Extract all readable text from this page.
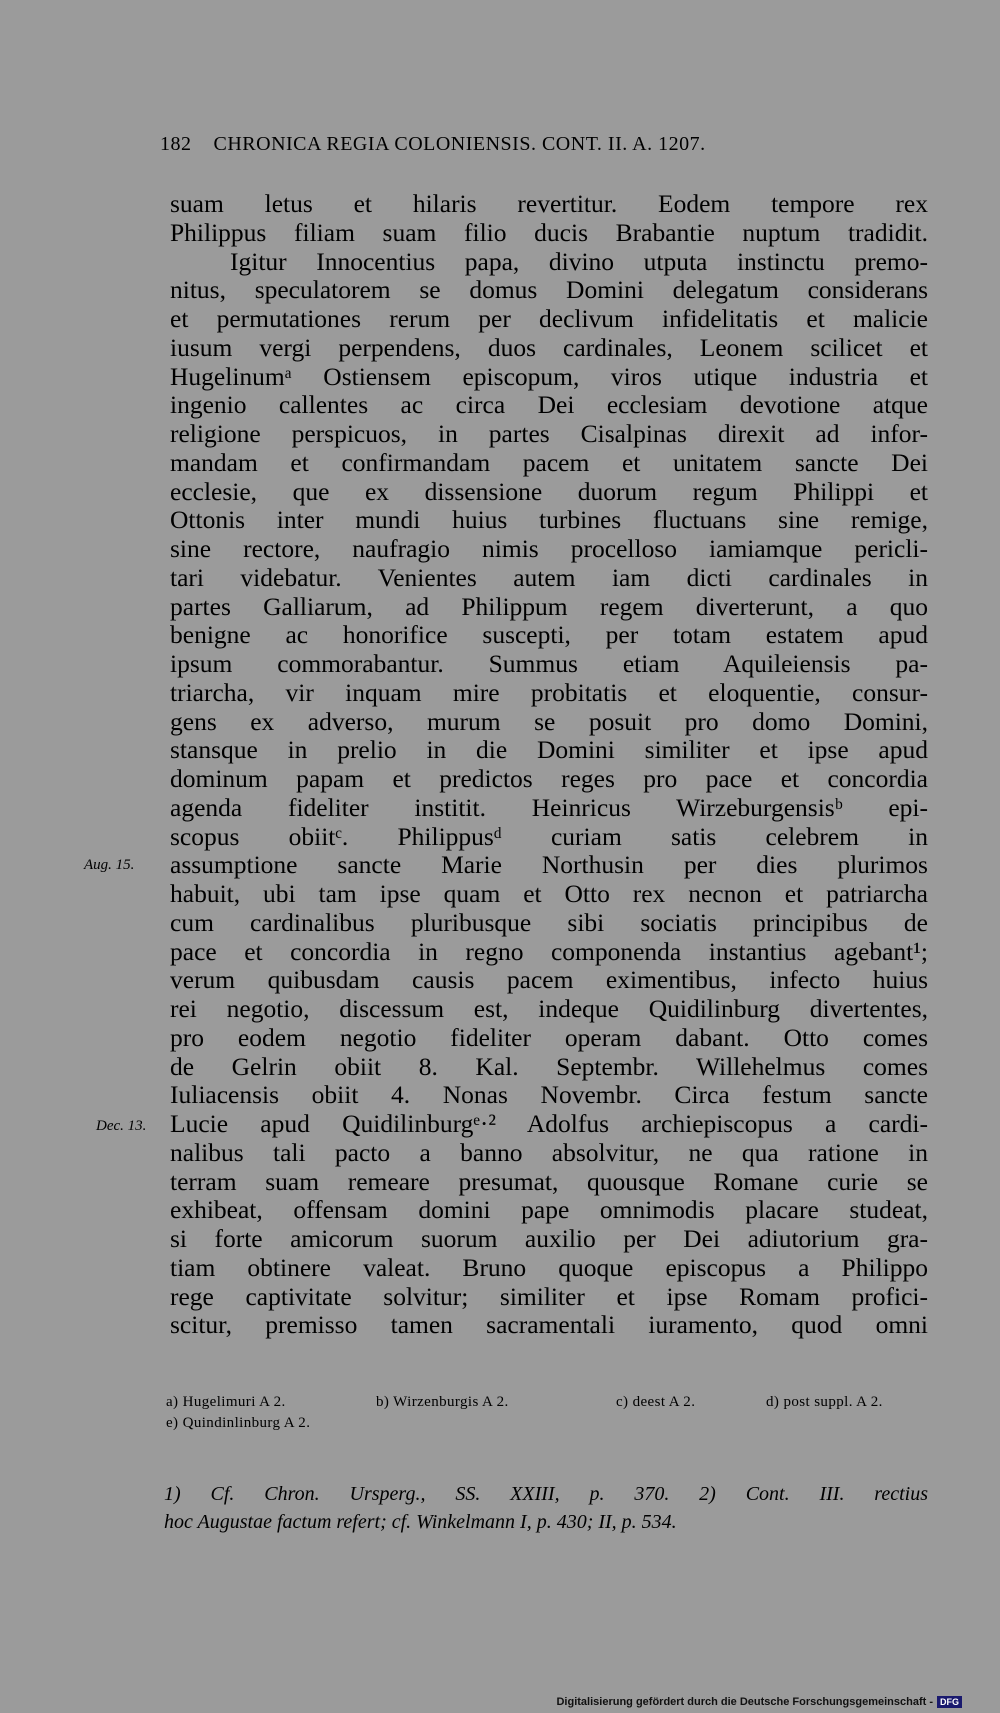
182 CHRONICA REGIA COLONIENSIS. CONT. II. A. 1207.
suam letus et hilaris revertitur. Eodem tempore rex
Philippus filiam suam filio ducis Brabantie nuptum tradidit.
Igitur Innocentius papa, divino utputa instinctu premo-
nitus, speculatorem se domus Domini delegatum considerans
et permutationes rerum per declivum infidelitatis et malicie
iusum vergi perpendens, duos cardinales, Leonem scilicet et
Hugelinumᵃ Ostiensem episcopum, viros utique industria et
ingenio callentes ac circa Dei ecclesiam devotione atque
religione perspicuos, in partes Cisalpinas direxit ad infor-
mandam et confirmandam pacem et unitatem sancte Dei
ecclesie, que ex dissensione duorum regum Philippi et
Ottonis inter mundi huius turbines fluctuans sine remige,
sine rectore, naufragio nimis procelloso iamiamque pericli-
tari videbatur. Venientes autem iam dicti cardinales in
partes Galliarum, ad Philippum regem diverterunt, a quo
benigne ac honorifice suscepti, per totam estatem apud
ipsum commorabantur. Summus etiam Aquileiensis pa-
triarcha, vir inquam mire probitatis et eloquentie, consur-
gens ex adverso, murum se posuit pro domo Domini,
stansque in prelio in die Domini similiter et ipse apud
dominum papam et predictos reges pro pace et concordia
agenda fideliter institit. Heinricus Wirzeburgensisᵇ epi-
scopus obiitᶜ. Philippusᵈ curiam satis celebrem in
assumptione sancte Marie Northusin per dies plurimos
habuit, ubi tam ipse quam et Otto rex necnon et patriarcha
cum cardinalibus pluribusque sibi sociatis principibus de
pace et concordia in regno componenda instantius agebant¹;
verum quibusdam causis pacem eximentibus, infecto huius
rei negotio, discessum est, indeque Quidilinburg divertentes,
pro eodem negotio fideliter operam dabant. Otto comes
de Gelrin obiit 8. Kal. Septembr. Willehelmus comes
Iuliacensis obiit 4. Nonas Novembr. Circa festum sancte
Lucie apud Quidilinburgᵉ·² Adolfus archiepiscopus a cardi-
nalibus tali pacto a banno absolvitur, ne qua ratione in
terram suam remeare presumat, quousque Romane curie se
exhibeat, offensam domini pape omnimodis placare studeat,
si forte amicorum suorum auxilio per Dei adiutorium gra-
tiam obtinere valeat. Bruno quoque episcopus a Philippo
rege captivitate solvitur; similiter et ipse Romam profici-
scitur, premisso tamen sacramentali iuramento, quod omni
Aug. 15.
Dec. 13.
a) Hugelimuri A 2.	b) Wirzenburgis A 2.	c) deest A 2.	d) post suppl. A 2.
e) Quindinlinburg A 2.
1) Cf. Chron. Ursperg., SS. XXIII, p. 370. 2) Cont. III. rectius
hoc Augustae factum refert; cf. Winkelmann I, p. 430; II, p. 534.
Digitalisierung gefördert durch die Deutsche Forschungsgemeinschaft - DFG
